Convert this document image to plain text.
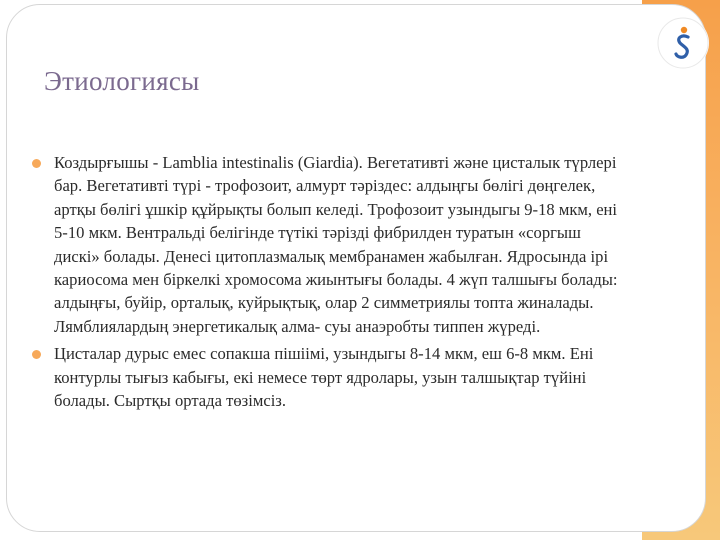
Этиологиясы
Коздырғышы - Lamblia intestinalis (Giardia). Вегетативті және цисталык түрлері
бар. Вегетативті түрі - трофозоит, алмурт тәріздес: алдыңгы бөлігі дөңгелек,
артқы бөлігі ұшкір құйрықты болып келеді. Трофозоит узындыгы 9-18 мкм, ені
5-10 мкм. Вентральді белігінде түтікі тәрізді фибрилден туратын «соргыш
дискі» болады. Денесі цитоплазмалық мембранамен жабылған. Ядросында ірі
кариосома мен біркелкі хромосома жиынтығы болады. 4 жүп талшығы болады:
алдыңғы, буйір, орталық, куйрықтық, олар 2 симметриялы топта жиналады.
Лямблиялардың энергетикалық алма- суы анаэробты типпен жүреді.
Цисталар дурыс емес сопакша пішіімі, узындыгы 8-14 мкм, еш 6-8 мкм. Ені
контурлы тығыз кабығы, екі немесе төрт ядролары, узын талшықтар түйіні
болады. Сыртқы ортада төзімсіз.
